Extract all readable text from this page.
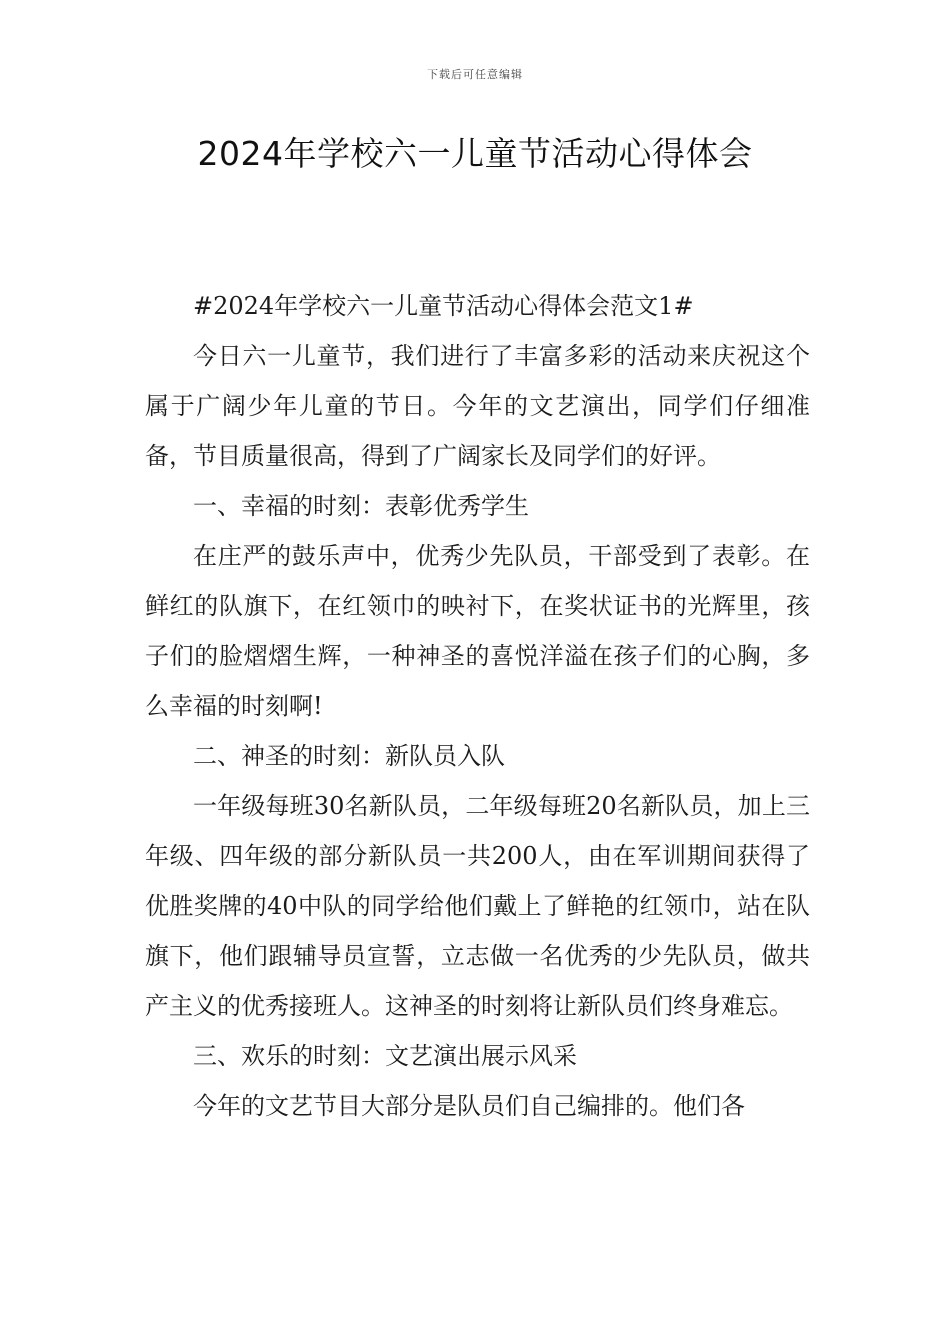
下载后可任意编辑
2024年学校六一儿童节活动心得体会

#2024年学校六一儿童节活动心得体会范文1#

今日六一儿童节，我们进行了丰富多彩的活动来庆祝这个属于广阔少年儿童的节日。今年的文艺演出，同学们仔细准备，节目质量很高，得到了广阔家长及同学们的好评。

一、幸福的时刻：表彰优秀学生

在庄严的鼓乐声中，优秀少先队员，干部受到了表彰。在鲜红的队旗下，在红领巾的映衬下，在奖状证书的光辉里，孩子们的脸熠熠生辉，一种神圣的喜悦洋溢在孩子们的心胸，多么幸福的时刻啊!

二、神圣的时刻：新队员入队

一年级每班30名新队员，二年级每班20名新队员，加上三年级、四年级的部分新队员一共200人，由在军训期间获得了优胜奖牌的40中队的同学给他们戴上了鲜艳的红领巾，站在队旗下，他们跟辅导员宣誓，立志做一名优秀的少先队员，做共产主义的优秀接班人。这神圣的时刻将让新队员们终身难忘。

三、欢乐的时刻：文艺演出展示风采

今年的文艺节目大部分是队员们自己编排的。他们各
